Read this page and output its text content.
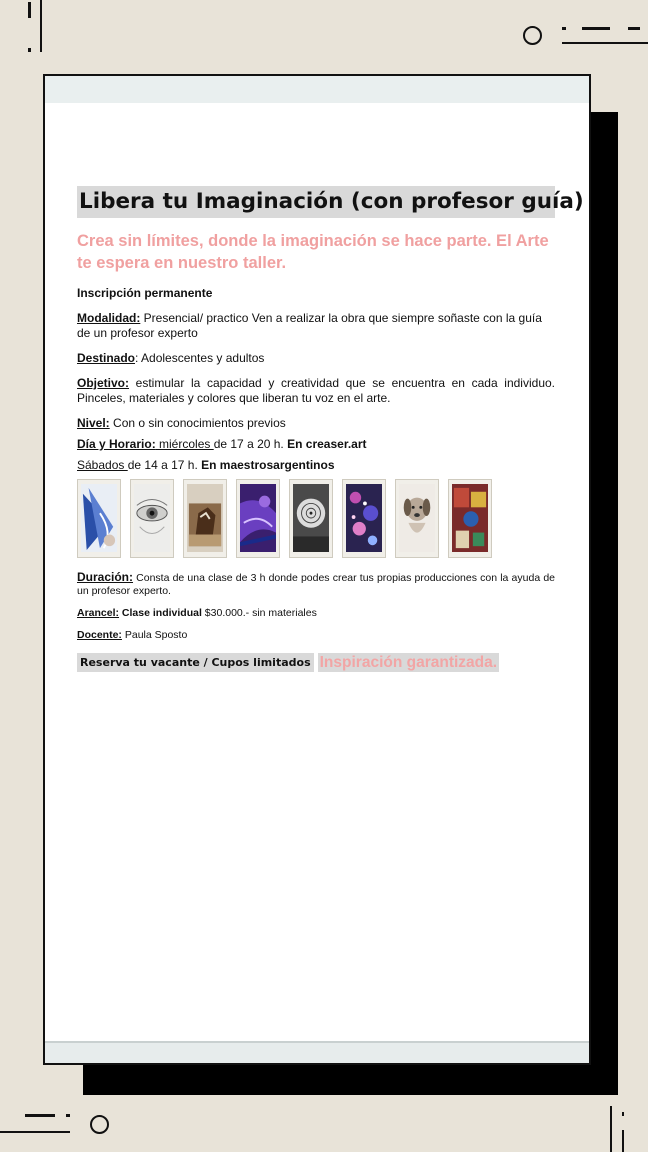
Libera tu Imaginación (con profesor guía)
Crea sin límites, donde la imaginación se hace parte. El Arte te espera en nuestro taller.
Inscripción permanente
Modalidad: Presencial/ practico Ven a realizar la obra que siempre soñaste con la guía de un profesor experto
Destinado: Adolescentes y adultos
Objetivo: estimular la capacidad y creatividad que se encuentra en cada individuo. Pinceles, materiales y colores que liberan tu voz en el arte.
Nivel: Con o sin conocimientos previos
Día y Horario: miércoles de 17 a 20 h. En creaser.art
Sábados de 14 a 17 h. En maestrosargentinos
Duración: Consta de una clase de 3 h donde podes crear tus propias producciones con la ayuda de un profesor experto.
Arancel: Clase individual $30.000.- sin materiales
Docente: Paula Sposto
Reserva tu vacante / Cupos limitados Inspiración garantizada.
